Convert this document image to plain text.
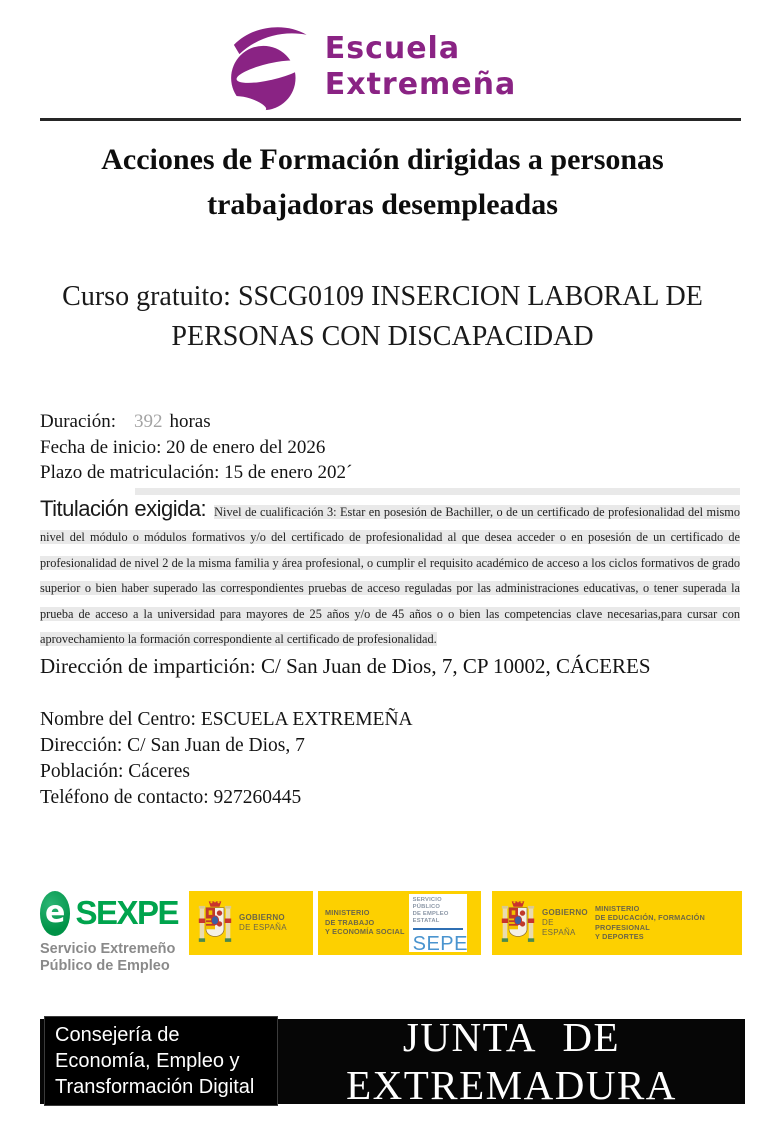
Escuela
Extremeña
Acciones de Formación dirigidas a personas
trabajadoras desempleadas
Curso gratuito: SSCG0109 INSERCION LABORAL DE
PERSONAS CON DISCAPACIDAD

Duración: 392 horas

Fecha de inicio: 20 de enero del 2026

Plazo de matriculación: 15 de enero 202´

Titulación exigida: Nivel de cualificación 3: Estar en posesión de Bachiller, o de un certificado de profesionalidad del mismo nivel del módulo o módulos formativos y/o del certificado de profesionalidad al que desea acceder o en posesión de un certificado de profesionalidad de nivel 2 de la misma familia y área profesional, o cumplir el requisito académico de acceso a los ciclos formativos de grado superior o bien haber superado las correspondientes pruebas de acceso reguladas por las administraciones educativas, o tener superada la prueba de acceso a la universidad para mayores de 25 años y/o de 45 años o o bien las competencias clave necesarias,para cursar con aprovechamiento la formación correspondiente al certificado de profesionalidad.

Dirección de impartición: C/ San Juan de Dios, 7, CP 10002, CÁCERES

Nombre del Centro: ESCUELA EXTREMEÑA

Dirección: C/ San Juan de Dios, 7

Población: Cáceres

Teléfono de contacto: 927260445

e SEXPE
Servicio Extremeño
Público de Empleo
GOBIERNO
DE ESPAÑA
MINISTERIO
DE TRABAJO
Y ECONOMÍA SOCIAL
SERVICIO PÚBLICO
DE EMPLEO ESTATAL
SEPE
GOBIERNO
DE ESPAÑA
MINISTERIO
DE EDUCACIÓN, FORMACIÓN PROFESIONAL
Y DEPORTES
Consejería de
Economía, Empleo y
Transformación Digital
JUNTA DE EXTREMADURA
